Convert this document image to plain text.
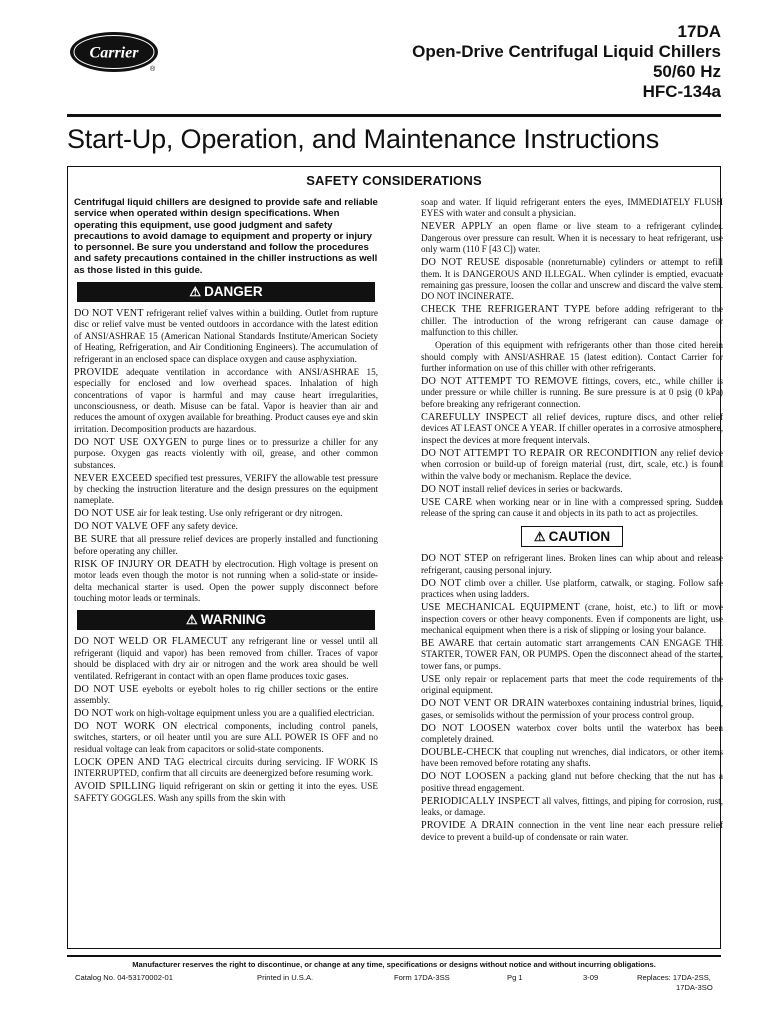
Carrier
®
17DA
Open-Drive Centrifugal Liquid Chillers
50/60 Hz
HFC-134a
Start-Up, Operation, and Maintenance Instructions
SAFETY CONSIDERATIONS

Centrifugal liquid chillers are designed to provide safe and reliable service when operated within design specifications. When operating this equipment, use good judgment and safety precautions to avoid damage to equipment and property or injury to personnel. Be sure you understand and follow the procedures and safety precautions contained in the chiller instructions as well as those listed in this guide.

⚠ DANGER

DO NOT VENT refrigerant relief valves within a building. Outlet from rupture disc or relief valve must be vented outdoors in accordance with the latest edition of ANSI/ASHRAE 15 (American National Standards Institute/American Society of Heating, Refrigeration, and Air Conditioning Engineers). The accumulation of refrigerant in an enclosed space can displace oxygen and cause asphyxiation.

PROVIDE adequate ventilation in accordance with ANSI/ASHRAE 15, especially for enclosed and low overhead spaces. Inhalation of high concentrations of vapor is harmful and may cause heart irregularities, unconsciousness, or death. Misuse can be fatal. Vapor is heavier than air and reduces the amount of oxygen available for breathing. Product causes eye and skin irritation. Decomposition products are hazardous.

DO NOT USE OXYGEN to purge lines or to pressurize a chiller for any purpose. Oxygen gas reacts violently with oil, grease, and other common substances.

NEVER EXCEED specified test pressures, VERIFY the allowable test pressure by checking the instruction literature and the design pressures on the equipment nameplate.

DO NOT USE air for leak testing. Use only refrigerant or dry nitrogen.

DO NOT VALVE OFF any safety device.

BE SURE that all pressure relief devices are properly installed and functioning before operating any chiller.

RISK OF INJURY OR DEATH by electrocution. High voltage is present on motor leads even though the motor is not running when a solid-state or inside-delta mechanical starter is used. Open the power supply disconnect before touching motor leads or terminals.

⚠ WARNING

DO NOT WELD OR FLAMECUT any refrigerant line or vessel until all refrigerant (liquid and vapor) has been removed from chiller. Traces of vapor should be displaced with dry air or nitrogen and the work area should be well ventilated. Refrigerant in contact with an open flame produces toxic gases.

DO NOT USE eyebolts or eyebolt holes to rig chiller sections or the entire assembly.

DO NOT work on high-voltage equipment unless you are a qualified electrician.

DO NOT WORK ON electrical components, including control panels, switches, starters, or oil heater until you are sure ALL POWER IS OFF and no residual voltage can leak from capacitors or solid-state components.

LOCK OPEN AND TAG electrical circuits during servicing. IF WORK IS INTERRUPTED, confirm that all circuits are deenergized before resuming work.

AVOID SPILLING liquid refrigerant on skin or getting it into the eyes. USE SAFETY GOGGLES. Wash any spills from the skin with

soap and water. If liquid refrigerant enters the eyes, IMMEDIATELY FLUSH EYES with water and consult a physician.

NEVER APPLY an open flame or live steam to a refrigerant cylinder. Dangerous over pressure can result. When it is necessary to heat refrigerant, use only warm (110 F [43 C]) water.

DO NOT REUSE disposable (nonreturnable) cylinders or attempt to refill them. It is DANGEROUS AND ILLEGAL. When cylinder is emptied, evacuate remaining gas pressure, loosen the collar and unscrew and discard the valve stem. DO NOT INCINERATE.

CHECK THE REFRIGERANT TYPE before adding refrigerant to the chiller. The introduction of the wrong refrigerant can cause damage or malfunction to this chiller.

Operation of this equipment with refrigerants other than those cited herein should comply with ANSI/ASHRAE 15 (latest edition). Contact Carrier for further information on use of this chiller with other refrigerants.

DO NOT ATTEMPT TO REMOVE fittings, covers, etc., while chiller is under pressure or while chiller is running. Be sure pressure is at 0 psig (0 kPa) before breaking any refrigerant connection.

CAREFULLY INSPECT all relief devices, rupture discs, and other relief devices AT LEAST ONCE A YEAR. If chiller operates in a corrosive atmosphere, inspect the devices at more frequent intervals.

DO NOT ATTEMPT TO REPAIR OR RECONDITION any relief device when corrosion or build-up of foreign material (rust, dirt, scale, etc.) is found within the valve body or mechanism. Replace the device.

DO NOT install relief devices in series or backwards.

USE CARE when working near or in line with a compressed spring. Sudden release of the spring can cause it and objects in its path to act as projectiles.

⚠ CAUTION

DO NOT STEP on refrigerant lines. Broken lines can whip about and release refrigerant, causing personal injury.

DO NOT climb over a chiller. Use platform, catwalk, or staging. Follow safe practices when using ladders.

USE MECHANICAL EQUIPMENT (crane, hoist, etc.) to lift or move inspection covers or other heavy components. Even if components are light, use mechanical equipment when there is a risk of slipping or losing your balance.

BE AWARE that certain automatic start arrangements CAN ENGAGE THE STARTER, TOWER FAN, OR PUMPS. Open the disconnect ahead of the starter, tower fans, or pumps.

USE only repair or replacement parts that meet the code requirements of the original equipment.

DO NOT VENT OR DRAIN waterboxes containing industrial brines, liquid, gases, or semisolids without the permission of your process control group.

DO NOT LOOSEN waterbox cover bolts until the waterbox has been completely drained.

DOUBLE-CHECK that coupling nut wrenches, dial indicators, or other items have been removed before rotating any shafts.

DO NOT LOOSEN a packing gland nut before checking that the nut has a positive thread engagement.

PERIODICALLY INSPECT all valves, fittings, and piping for corrosion, rust, leaks, or damage.

PROVIDE A DRAIN connection in the vent line near each pressure relief device to prevent a build-up of condensate or rain water.

Manufacturer reserves the right to discontinue, or change at any time, specifications or designs without notice and without incurring obligations.
Catalog No. 04-53170002-01	Printed in U.S.A.	Form 17DA-3SS	Pg 1	3-09	Replaces: 17DA-2SS,
17DA-3SO
